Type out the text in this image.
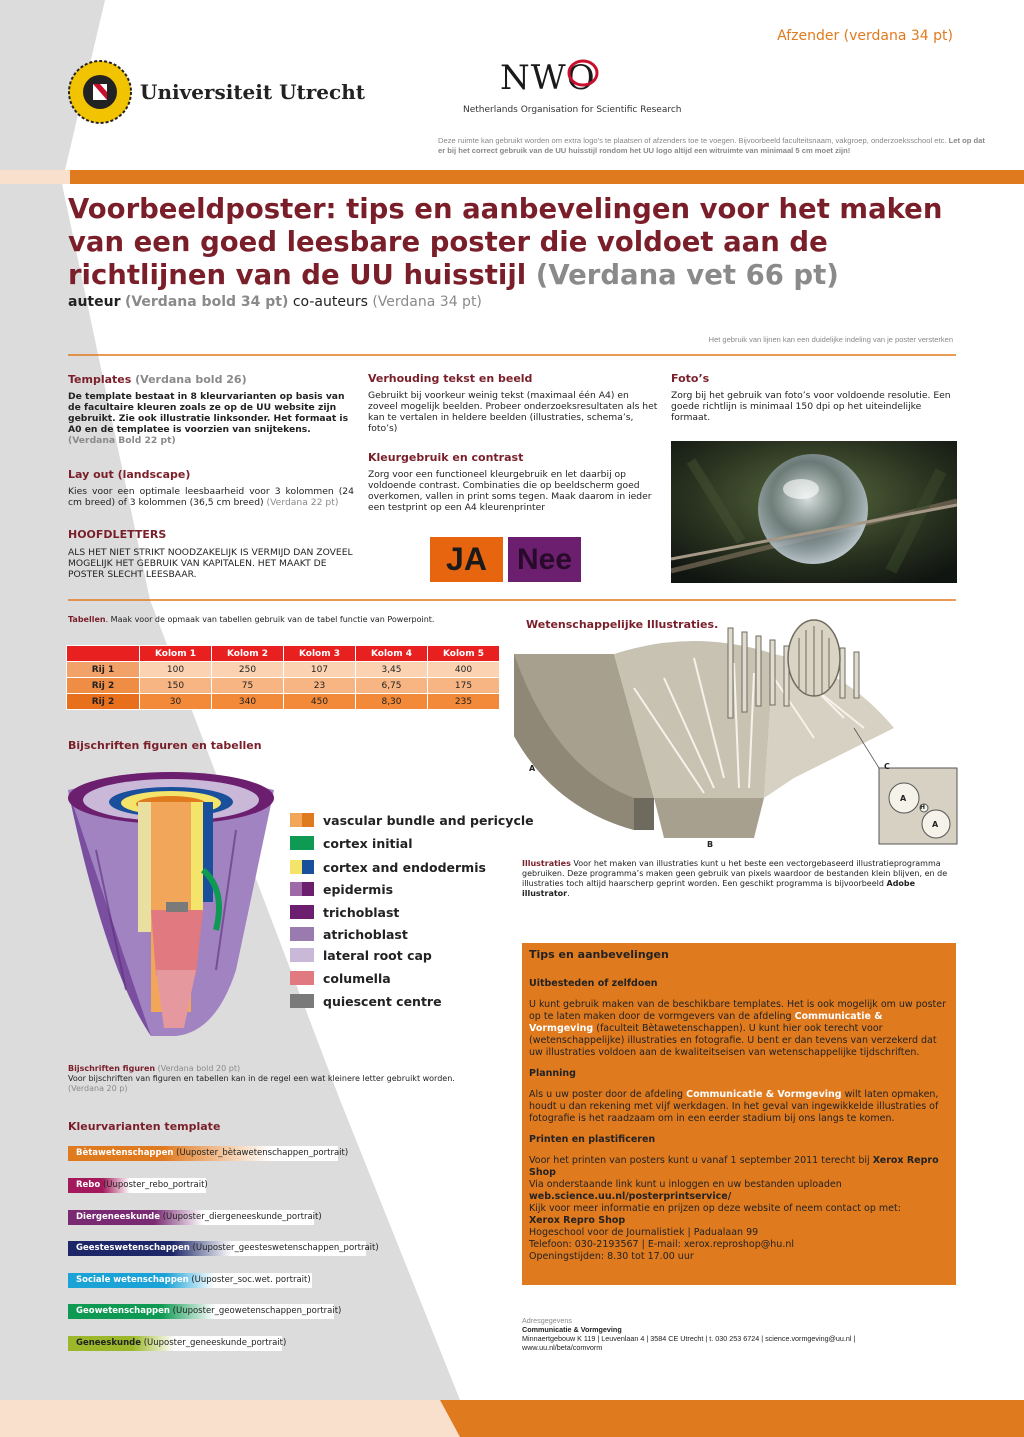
Afzender (verdana 34 pt)
Universiteit Utrecht	NWO
Netherlands Organisation for Scientific Research
Deze ruimte kan gebruikt worden om extra logo’s te plaatsen of afzenders toe te voegen. Bijvoorbeeld faculteitsnaam, vakgroep, onderzoeksschool etc. Let op dat er bij het correct gebruik van de UU huisstijl rondom het UU logo altijd een witruimte van minimaal 5 cm moet zijn!
Voorbeeldposter: tips en aanbevelingen voor het maken van een goed leesbare poster die voldoet aan de richtlijnen van de UU huisstijl (Verdana vet 66 pt)
auteur (Verdana bold 34 pt) co-auteurs (Verdana 34 pt)
Het gebruik van lijnen kan een duidelijke indeling van je poster versterken
Templates (Verdana bold 26)
De template bestaat in 8 kleurvarianten op basis van de facultaire kleuren zoals ze op de UU website zijn gebruikt. Zie ook illustratie linksonder. Het formaat is A0 en de templatee is voorzien van snijtekens. (Verdana Bold 22 pt)
Lay out (landscape)
Kies voor een optimale leesbaarheid voor 3 kolommen (24 cm breed) of 3 kolommen (36,5 cm breed) (Verdana 22 pt)
HOOFDLETTERS
ALS HET NIET STRIKT NOODZAKELIJK IS VERMIJD DAN ZOVEEL MOGELIJK HET GEBRUIK VAN KAPITALEN. HET MAAKT DE POSTER SLECHT LEESBAAR.
Verhouding tekst en beeld
Gebruikt bij voorkeur weinig tekst (maximaal één A4) en zoveel mogelijk beelden. Probeer onderzoeksresultaten als het kan te vertalen in heldere beelden (illustraties, schema’s, foto’s)
Kleurgebruik en contrast
Zorg voor een functioneel kleurgebruik en let daarbij op voldoende contrast. Combinaties die op beeldscherm goed overkomen, vallen in print soms tegen. Maak daarom in ieder een testprint op een A4 kleurenprinter
JA	Nee
Foto’s
Zorg bij het gebruik van foto’s voor voldoende resolutie. Een goede richtlijn is minimaal 150 dpi op het uiteindelijke formaat.
Tabellen. Maak voor de opmaak van tabellen gebruik van de tabel functie van Powerpoint.
	Kolom 1	Kolom 2	Kolom 3	Kolom 4	Kolom 5
Rij 1	100	250	107	3,45	400
Rij 2	150	75	23	6,75	175
Rij 2	30	340	450	8,30	235
Bijschriften figuren en tabellen
vascular bundle and pericycle
cortex initial
cortex and endodermis
epidermis
trichoblast
atrichoblast
lateral root cap
columella
quiescent centre
Bijschriften figuren (Verdana bold 20 pt)
Voor bijschriften van figuren en tabellen kan in de regel een wat kleinere letter gebruikt worden.
(Verdana 20 p)
Kleurvarianten template
Bètawetenschappen (Uuposter_bètawetenschappen_portrait)
Rebo (Uuposter_rebo_portrait)
Diergeneeskunde (Uuposter_diergeneeskunde_portrait)
Geesteswetenschappen (Uuposter_geesteswetenschappen_portrait)
Sociale wetenschappen (Uuposter_soc.wet. portrait)
Geowetenschappen (Uuposter_geowetenschappen_portrait)
Geneeskunde (Uuposter_geneeskunde_portrait)
Wetenschappelijke Illustraties.
A
B
C
A
A
H
Illustraties Voor het maken van illustraties kunt u het beste een vectorgebaseerd illustratieprogramma gebruiken. Deze programma’s maken geen gebruik van pixels waardoor de bestanden klein blijven, en de illustraties toch altijd haarscherp geprint worden. Een geschikt programma is bijvoorbeeld Adobe illustrator.
Tips en aanbevelingen
Uitbesteden of zelfdoen
U kunt gebruik maken van de beschikbare templates. Het is ook mogelijk om uw poster op te laten maken door de vormgevers van de afdeling Communicatie & Vormgeving (faculteit Bètawetenschappen). U kunt hier ook terecht voor (wetenschappelijke) illustraties en fotografie. U bent er dan tevens van verzekerd dat uw illustraties voldoen aan de kwaliteitseisen van wetenschappelijke tijdschriften.
Planning
Als u uw poster door de afdeling Communicatie & Vormgeving wilt laten opmaken, houdt u dan rekening met vijf werkdagen. In het geval van ingewikkelde illustraties of fotografie is het raadzaam om in een eerder stadium bij ons langs te komen.
Printen en plastificeren
Voor het printen van posters kunt u vanaf 1 september 2011 terecht bij Xerox Repro Shop
Via onderstaande link kunt u inloggen en uw bestanden uploaden
web.science.uu.nl/posterprintservice/
Kijk voor meer informatie en prijzen op deze website of neem contact op met:
Xerox Repro Shop
Hogeschool voor de Journalistiek | Padualaan 99
Telefoon: 030-2193567 | E-mail: xerox.reproshop@hu.nl
Openingstijden: 8.30 tot 17.00 uur
Adresgegevens
Communicatie & Vormgeving
Minnaertgebouw K 119 | Leuvenlaan 4 | 3584 CE Utrecht | t. 030 253 6724 | science.vormgeving@uu.nl |
www.uu.nl/beta/comvorm
